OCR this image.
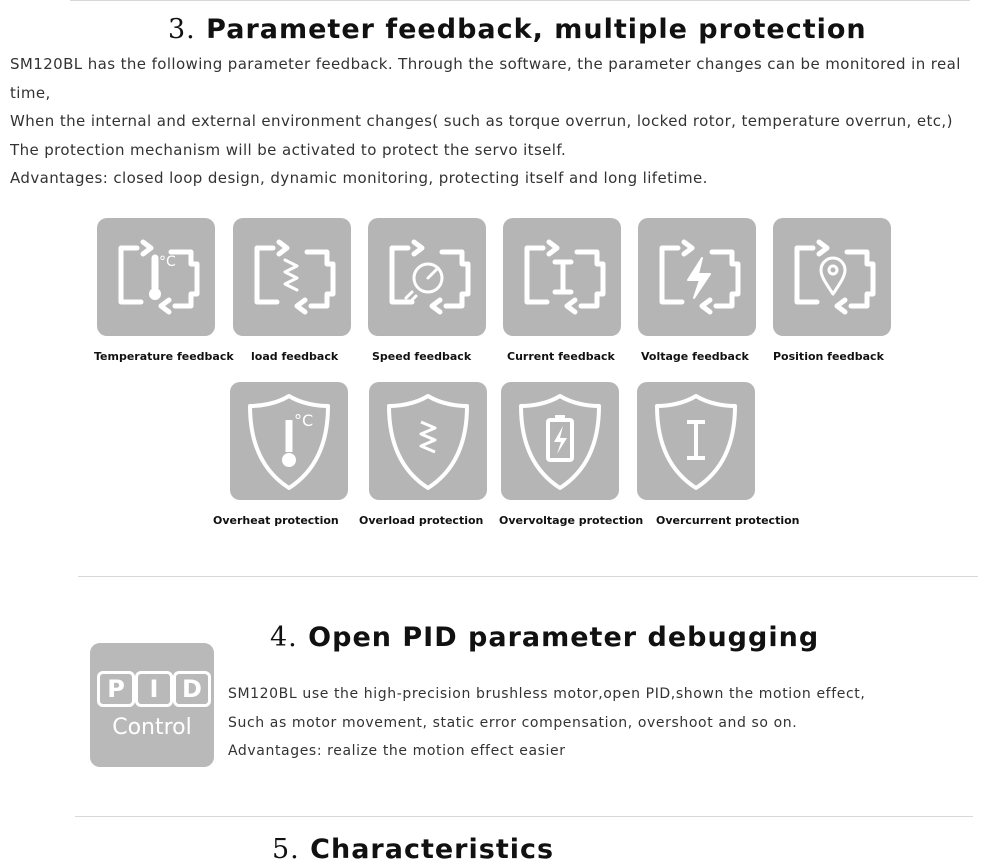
3. Parameter feedback, multiple protection

SM120BL has the following parameter feedback. Through the software, the parameter changes can be monitored in real time,

When the internal and external environment changes( such as torque overrun, locked rotor, temperature overrun, etc,)

The protection mechanism will be activated to protect the servo itself.

Advantages: closed loop design, dynamic monitoring, protecting itself and long lifetime.

°C
Temperature feedback load feedback	Speed feedback	Current feedback Voltage feedback Position feedback
°C
Overheat protection Overload protection Overvoltage protection Overcurrent protection
4. Open PID parameter debugging
P	I D
Control

SM120BL use the high-precision brushless motor,open PID,shown the motion effect,

Such as motor movement, static error compensation, overshoot and so on.

Advantages: realize the motion effect easier

5. Characteristics
